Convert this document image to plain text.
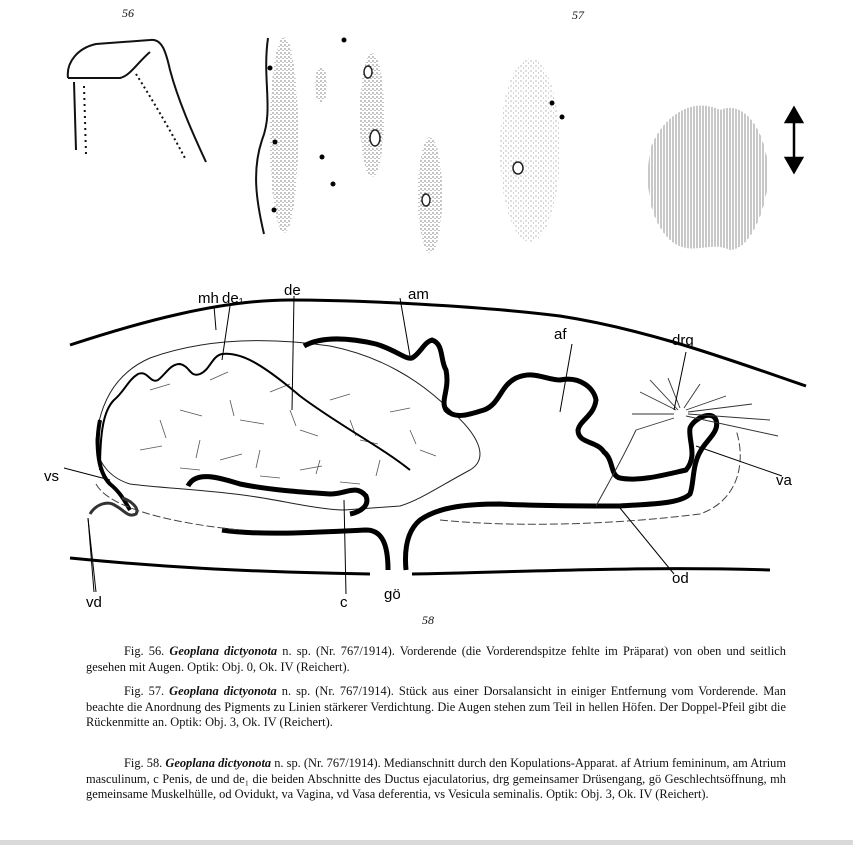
56	57
58
mh de₁	de	am
af	drg
vs	va
vd	c gö
od
Fig. 56. Geoplana dictyonota n. sp. (Nr. 767/1914). Vorderende (die Vorderendspitze fehlte im Präparat) von oben und seitlich gesehen mit Augen. Optik: Obj. 0, Ok. IV (Reichert).
Fig. 57. Geoplana dictyonota n. sp. (Nr. 767/1914). Stück aus einer Dorsalansicht in einiger Entfernung vom Vorderende. Man beachte die Anordnung des Pigments zu Linien stärkerer Verdichtung. Die Augen stehen zum Teil in hellen Höfen. Der Doppel-Pfeil gibt die Rückenmitte an. Optik: Obj. 3, Ok. IV (Reichert).
Fig. 58. Geoplana dictyonota n. sp. (Nr. 767/1914). Medianschnitt durch den Kopulations-Apparat. af Atrium femininum, am Atrium masculinum, c Penis, de und de₁ die beiden Abschnitte des Ductus ejaculatorius, drg gemeinsamer Drüsengang, gö Geschlechtsöffnung, mh gemeinsame Muskelhülle, od Ovidukt, va Vagina, vd Vasa deferentia, vs Vesicula seminalis. Optik: Obj. 3, Ok. IV (Reichert).
